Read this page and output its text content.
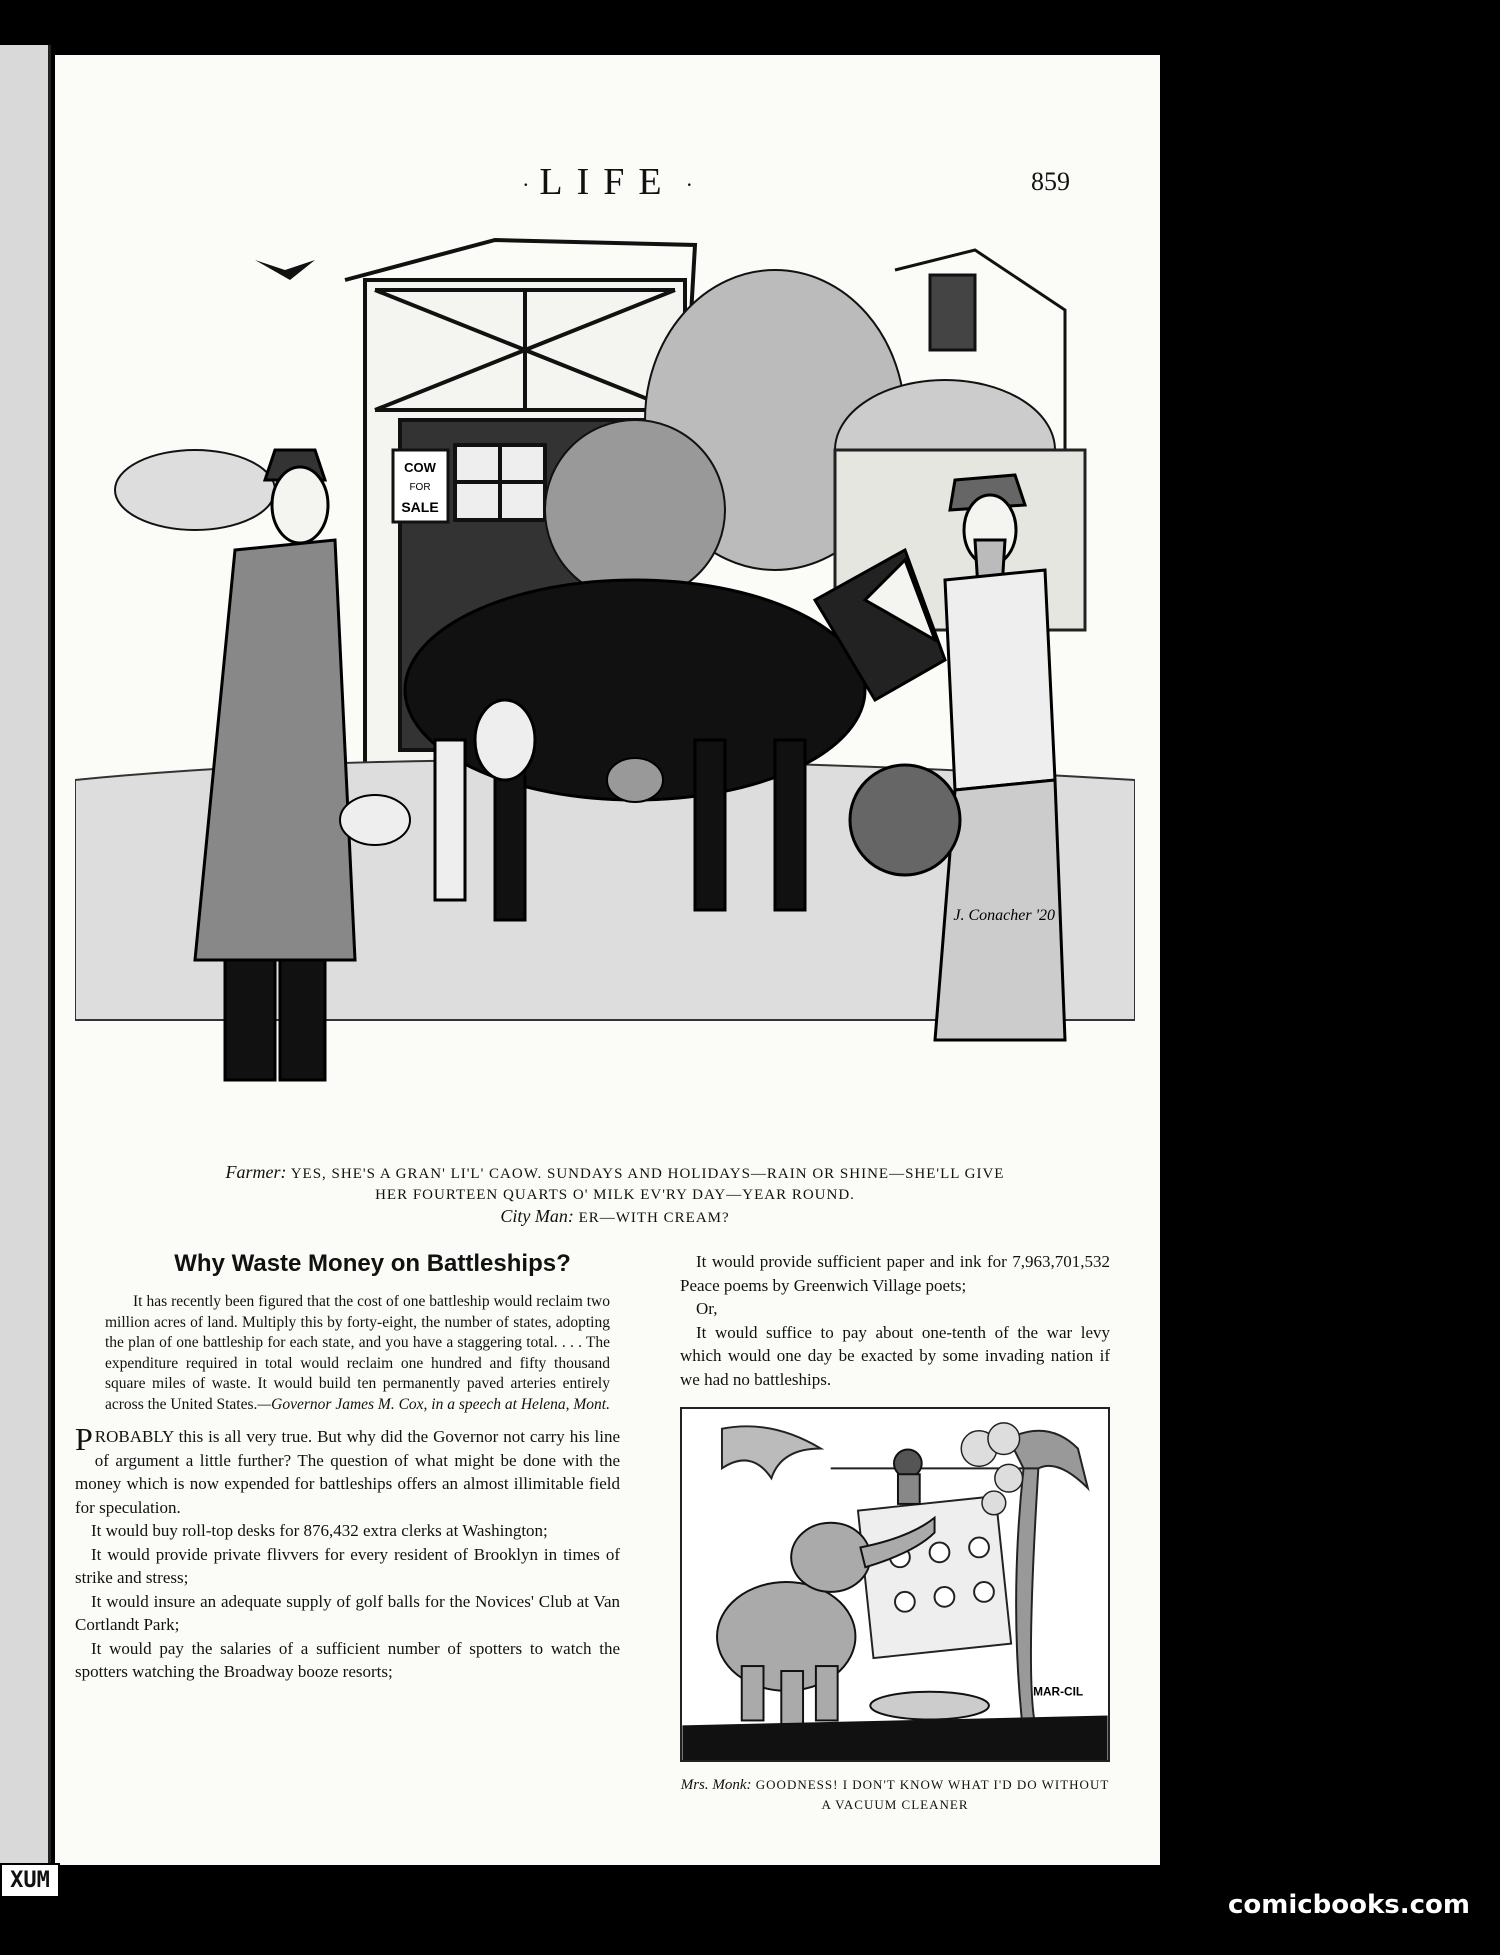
· LIFE ·	859
COW
FOR
SALE
J. Conacher '20
Farmer: YES, SHE'S A GRAN' LI'L' CAOW. SUNDAYS AND HOLIDAYS—RAIN OR SHINE—SHE'LL GIVE
HER FOURTEEN QUARTS O' MILK EV'RY DAY—YEAR ROUND.
City Man: ER—WITH CREAM?
Why Waste Money on Battleships?

It has recently been figured that the cost of one battleship would reclaim two million acres of land. Multiply this by forty-eight, the number of states, adopting the plan of one battleship for each state, and you have a staggering total. . . . The expenditure required in total would reclaim one hundred and fifty thousand square miles of waste. It would build ten permanently paved arteries entirely across the United States.—Governor James M. Cox, in a speech at Helena, Mont.

PROBABLY this is all very true. But why did the Governor not carry his line of argument a little further? The question of what might be done with the money which is now expended for battleships offers an almost illimitable field for speculation.

It would buy roll-top desks for 876,432 extra clerks at Washington;

It would provide private flivvers for every resident of Brooklyn in times of strike and stress;

It would insure an adequate supply of golf balls for the Novices' Club at Van Cortlandt Park;

It would pay the salaries of a sufficient number of spotters to watch the spotters watching the Broadway booze resorts;

It would provide sufficient paper and ink for 7,963,701,532 Peace poems by Greenwich Village poets;

Or,

It would suffice to pay about one-tenth of the war levy which would one day be exacted by some invading nation if we had no battleships.

MAR-CIL
Mrs. Monk: GOODNESS! I DON'T KNOW WHAT I'D DO WITHOUT
A VACUUM CLEANER
XUM
comicbooks.com
